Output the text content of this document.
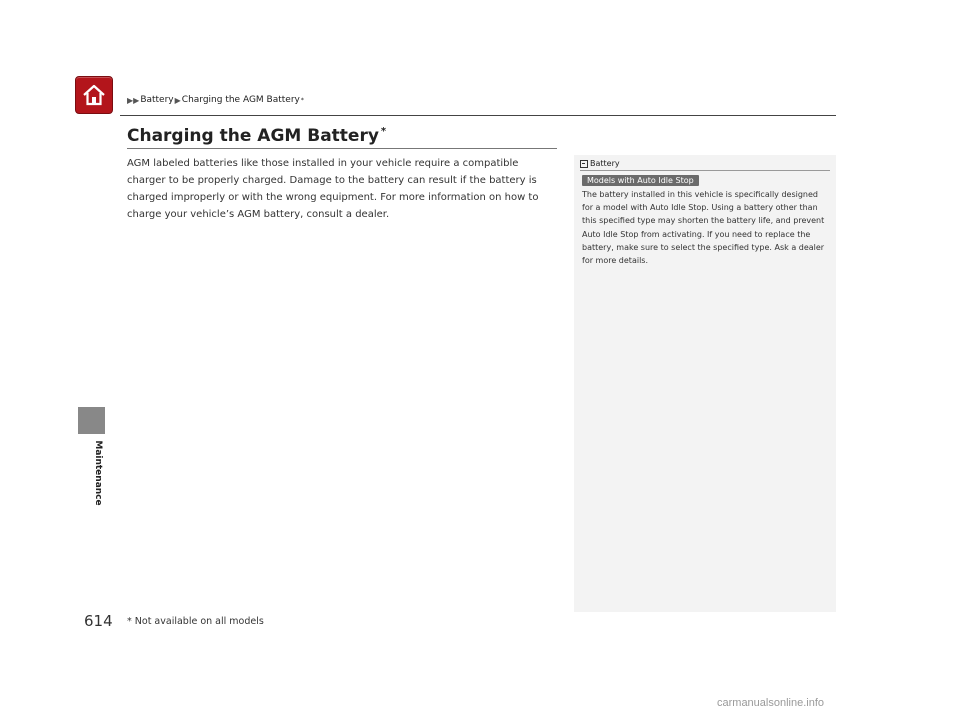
▶▶ Battery ▶ Charging the AGM Battery *
Maintenance
Charging the AGM Battery *

AGM labeled batteries like those installed in your vehicle require a compatible charger to be properly charged. Damage to the battery can result if the battery is charged improperly or with the wrong equipment. For more information on how to charge your vehicle’s AGM battery, consult a dealer.

Battery
Models with Auto Idle Stop

The battery installed in this vehicle is specifically designed for a model with Auto Idle Stop. Using a battery other than this specified type may shorten the battery life, and prevent Auto Idle Stop from activating. If you need to replace the battery, make sure to select the specified type. Ask a dealer for more details.

614 * Not available on all models
carmanualsonline.info
